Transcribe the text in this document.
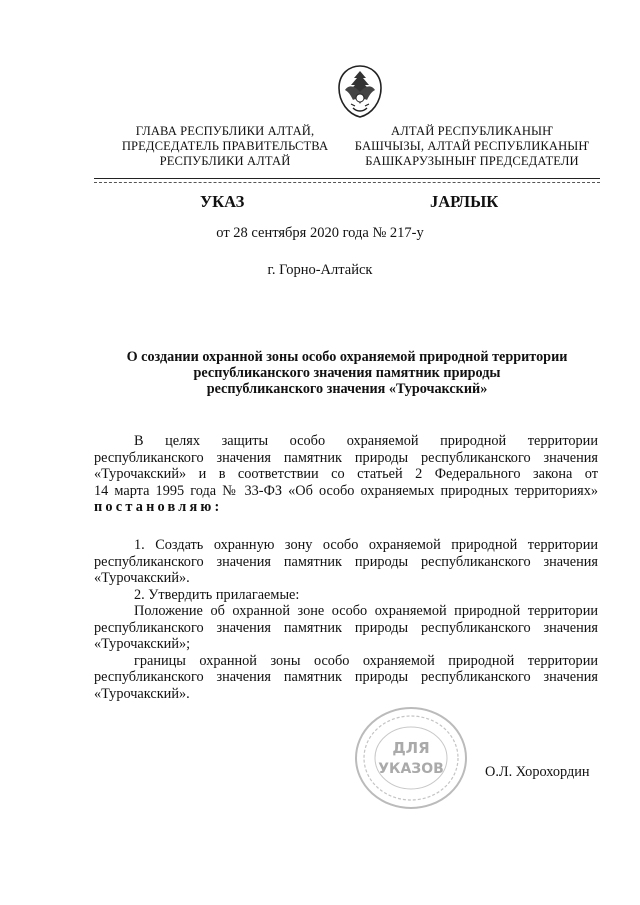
ГЛАВА РЕСПУБЛИКИ АЛТАЙ,
ПРЕДСЕДАТЕЛЬ ПРАВИТЕЛЬСТВА
РЕСПУБЛИКИ АЛТАЙ
АЛТАЙ РЕСПУБЛИКАНЫҤ
БАШЧЫЗЫ, АЛТАЙ РЕСПУБЛИКАНЫҤ
БАШКАРУЗЫНЫҤ ПРЕДСЕДАТЕЛИ
УКАЗ	JАРЛЫК
от 28 сентября 2020 года № 217-у
г. Горно-Алтайск
О создании охранной зоны особо охраняемой природной территории
республиканского значения памятник природы
республиканского значения «Турочакский»
В целях защиты особо охраняемой природной территории
республиканского значения памятник природы республиканского значения
«Турочакский» и в соответствии со статьей 2 Федерального закона от
14 марта 1995 года № 33-ФЗ «Об особо охраняемых природных территориях»
постановляю:
1. Создать охранную зону особо охраняемой природной территории
республиканского значения памятник природы республиканского значения
«Турочакский».
2. Утвердить прилагаемые:
Положение об охранной зоне особо охраняемой природной территории
республиканского значения памятник природы республиканского значения
«Турочакский»;
границы охранной зоны особо охраняемой природной территории
республиканского значения памятник природы республиканского значения
«Турочакский».
ДЛЯ
УКАЗОВ	О.Л. Хорохордин
